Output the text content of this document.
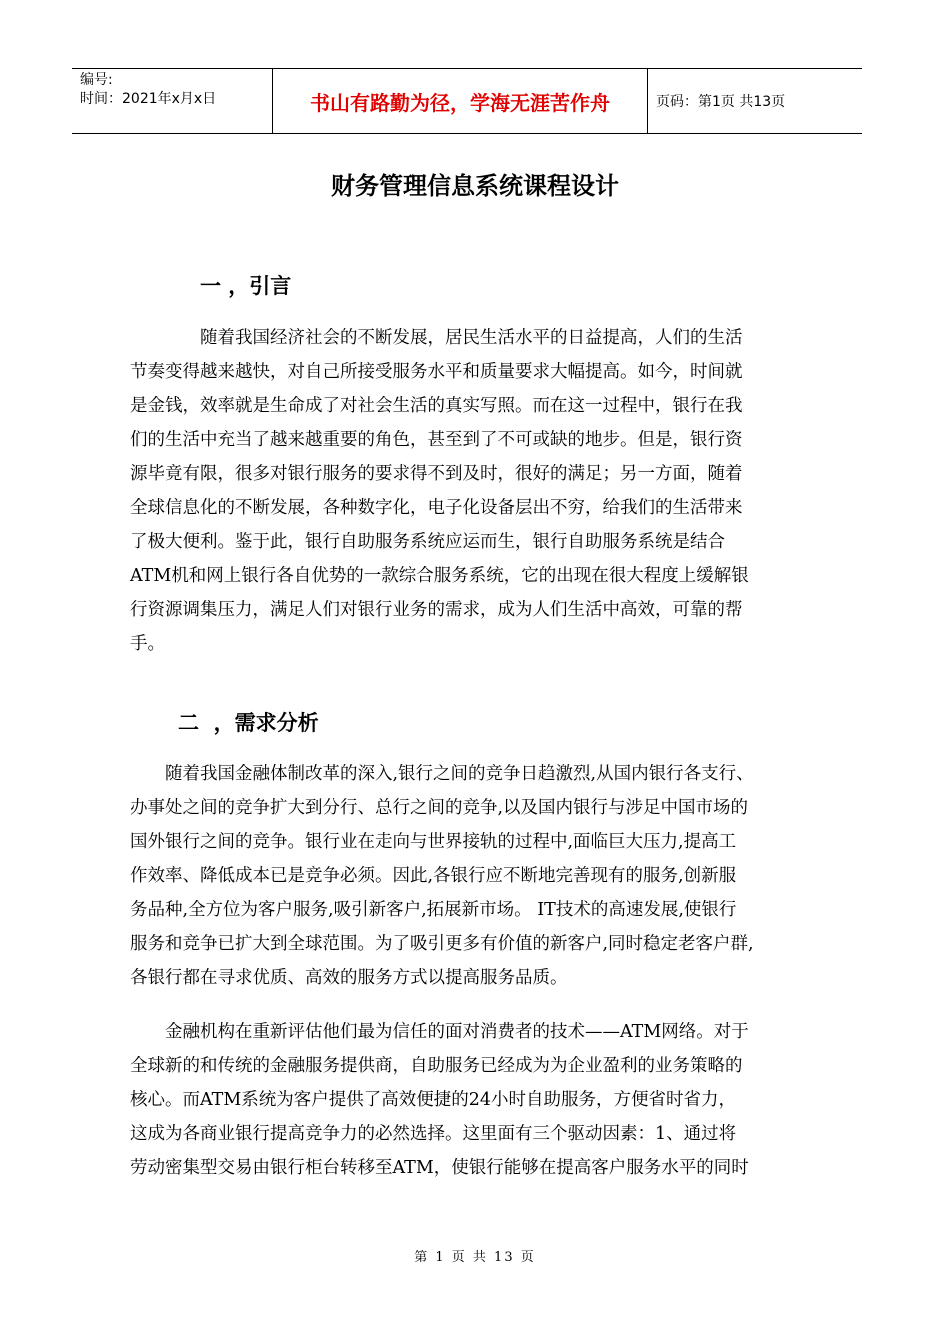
编号:
时间：2021年x月x日	书山有路勤为径，学海无涯苦作舟	页码：第1页 共13页
财务管理信息系统课程设计
一 ，引言
随着我国经济社会的不断发展，居民生活水平的日益提高，人们的生活
节奏变得越来越快，对自己所接受服务水平和质量要求大幅提高。如今，时间就
是金钱，效率就是生命成了对社会生活的真实写照。而在这一过程中，银行在我
们的生活中充当了越来越重要的角色，甚至到了不可或缺的地步。但是，银行资
源毕竟有限，很多对银行服务的要求得不到及时，很好的满足；另一方面，随着
全球信息化的不断发展，各种数字化，电子化设备层出不穷，给我们的生活带来
了极大便利。鉴于此，银行自助服务系统应运而生，银行自助服务系统是结合
ATM机和网上银行各自优势的一款综合服务系统，它的出现在很大程度上缓解银
行资源调集压力，满足人们对银行业务的需求，成为人们生活中高效，可靠的帮
手。
二  ，需求分析
随着我国金融体制改革的深入,银行之间的竞争日趋激烈,从国内银行各支行、
办事处之间的竞争扩大到分行、总行之间的竞争,以及国内银行与涉足中国市场的
国外银行之间的竞争。银行业在走向与世界接轨的过程中,面临巨大压力,提高工
作效率、降低成本已是竞争必须。因此,各银行应不断地完善现有的服务,创新服
务品种,全方位为客户服务,吸引新客户,拓展新市场。 IT技术的高速发展,使银行
服务和竞争已扩大到全球范围。为了吸引更多有价值的新客户,同时稳定老客户群,
各银行都在寻求优质、高效的服务方式以提高服务品质。
金融机构在重新评估他们最为信任的面对消费者的技术——ATM网络。对于
全球新的和传统的金融服务提供商，自助服务已经成为为企业盈利的业务策略的
核心。而ATM系统为客户提供了高效便捷的24小时自助服务，方便省时省力，
这成为各商业银行提高竞争力的必然选择。这里面有三个驱动因素：1、通过将
劳动密集型交易由银行柜台转移至ATM，使银行能够在提高客户服务水平的同时
第 1 页 共 13 页
